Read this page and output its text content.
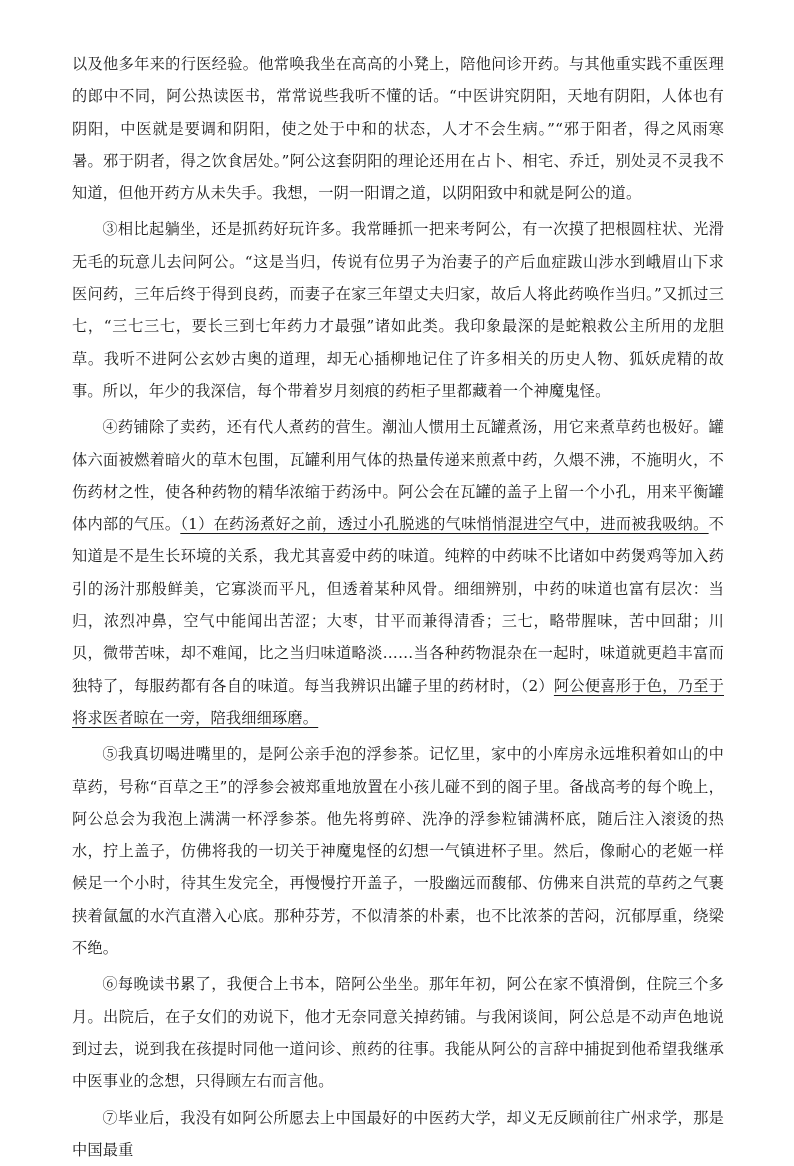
以及他多年来的行医经验。他常唤我坐在高高的小凳上，陪他问诊开药。与其他重实践不重医理的郎中不同，阿公热读医书，常常说些我听不懂的话。“中医讲究阴阳，天地有阴阳，人体也有阴阳，中医就是要调和阴阳，使之处于中和的状态，人才不会生病。”“邪于阳者，得之风雨寒暑。邪于阴者，得之饮食居处。”阿公这套阴阳的理论还用在占卜、相宅、乔迁，别处灵不灵我不知道，但他开药方从未失手。我想，一阴一阳谓之道，以阴阳致中和就是阿公的道。

③相比起躺坐，还是抓药好玩许多。我常睡抓一把来考阿公，有一次摸了把根圆柱状、光滑无毛的玩意儿去问阿公。“这是当归，传说有位男子为治妻子的产后血症跋山涉水到峨眉山下求医问药，三年后终于得到良药，而妻子在家三年望丈夫归家，故后人将此药唤作当归。”又抓过三七，“三七三七，要长三到七年药力才最强”诸如此类。我印象最深的是蛇粮救公主所用的龙胆草。我听不进阿公玄妙古奥的道理，却无心插柳地记住了许多相关的历史人物、狐妖虎精的故事。所以，年少的我深信，每个带着岁月刻痕的药柜子里都藏着一个神魔鬼怪。

④药铺除了卖药，还有代人煮药的营生。潮汕人惯用土瓦罐煮汤，用它来煮草药也极好。罐体六面被燃着暗火的草木包围，瓦罐利用气体的热量传递来煎煮中药，久煨不沸，不施明火，不伤药材之性，使各种药物的精华浓缩于药汤中。阿公会在瓦罐的盖子上留一个小孔，用来平衡罐体内部的气压。（1）在药汤煮好之前，透过小孔脱逃的气味悄悄混进空气中，进而被我吸纳。不知道是不是生长环境的关系，我尤其喜爱中药的味道。纯粹的中药味不比诸如中药煲鸡等加入药引的汤汁那般鲜美，它寡淡而平凡，但透着某种风骨。细细辨别，中药的味道也富有层次：当归，浓烈冲鼻，空气中能闻出苦涩；大枣，甘平而兼得清香；三七，略带腥味，苦中回甜；川贝，微带苦味，却不难闻，比之当归味道略淡……当各种药物混杂在一起时，味道就更趋丰富而独特了，每服药都有各自的味道。每当我辨识出罐子里的药材时，（2）阿公便喜形于色，乃至于将求医者晾在一旁，陪我细细琢磨。

⑤我真切喝进嘴里的，是阿公亲手泡的浮参茶。记忆里，家中的小库房永远堆积着如山的中草药，号称“百草之王”的浮参会被郑重地放置在小孩儿碰不到的阁子里。备战高考的每个晚上，阿公总会为我泡上满满一杯浮参茶。他先将剪碎、洗净的浮参粒铺满杯底，随后注入滚烫的热水，拧上盖子，仿佛将我的一切关于神魔鬼怪的幻想一气镇进杯子里。然后，像耐心的老姬一样候足一个小时，待其生发完全，再慢慢拧开盖子，一股幽远而馥郁、仿佛来自洪荒的草药之气裹挟着氤氲的水汽直潜入心底。那种芬芳，不似清茶的朴素，也不比浓茶的苦闷，沉郁厚重，绕梁不绝。

⑥每晚读书累了，我便合上书本，陪阿公坐坐。那年年初，阿公在家不慎滑倒，住院三个多月。出院后，在子女们的劝说下，他才无奈同意关掉药铺。与我闲谈间，阿公总是不动声色地说到过去，说到我在孩提时同他一道问诊、煎药的往事。我能从阿公的言辞中捕捉到他希望我继承中医事业的念想，只得顾左右而言他。

⑦毕业后，我没有如阿公所愿去上中国最好的中医药大学，却义无反顾前往广州求学，那是中国最重
